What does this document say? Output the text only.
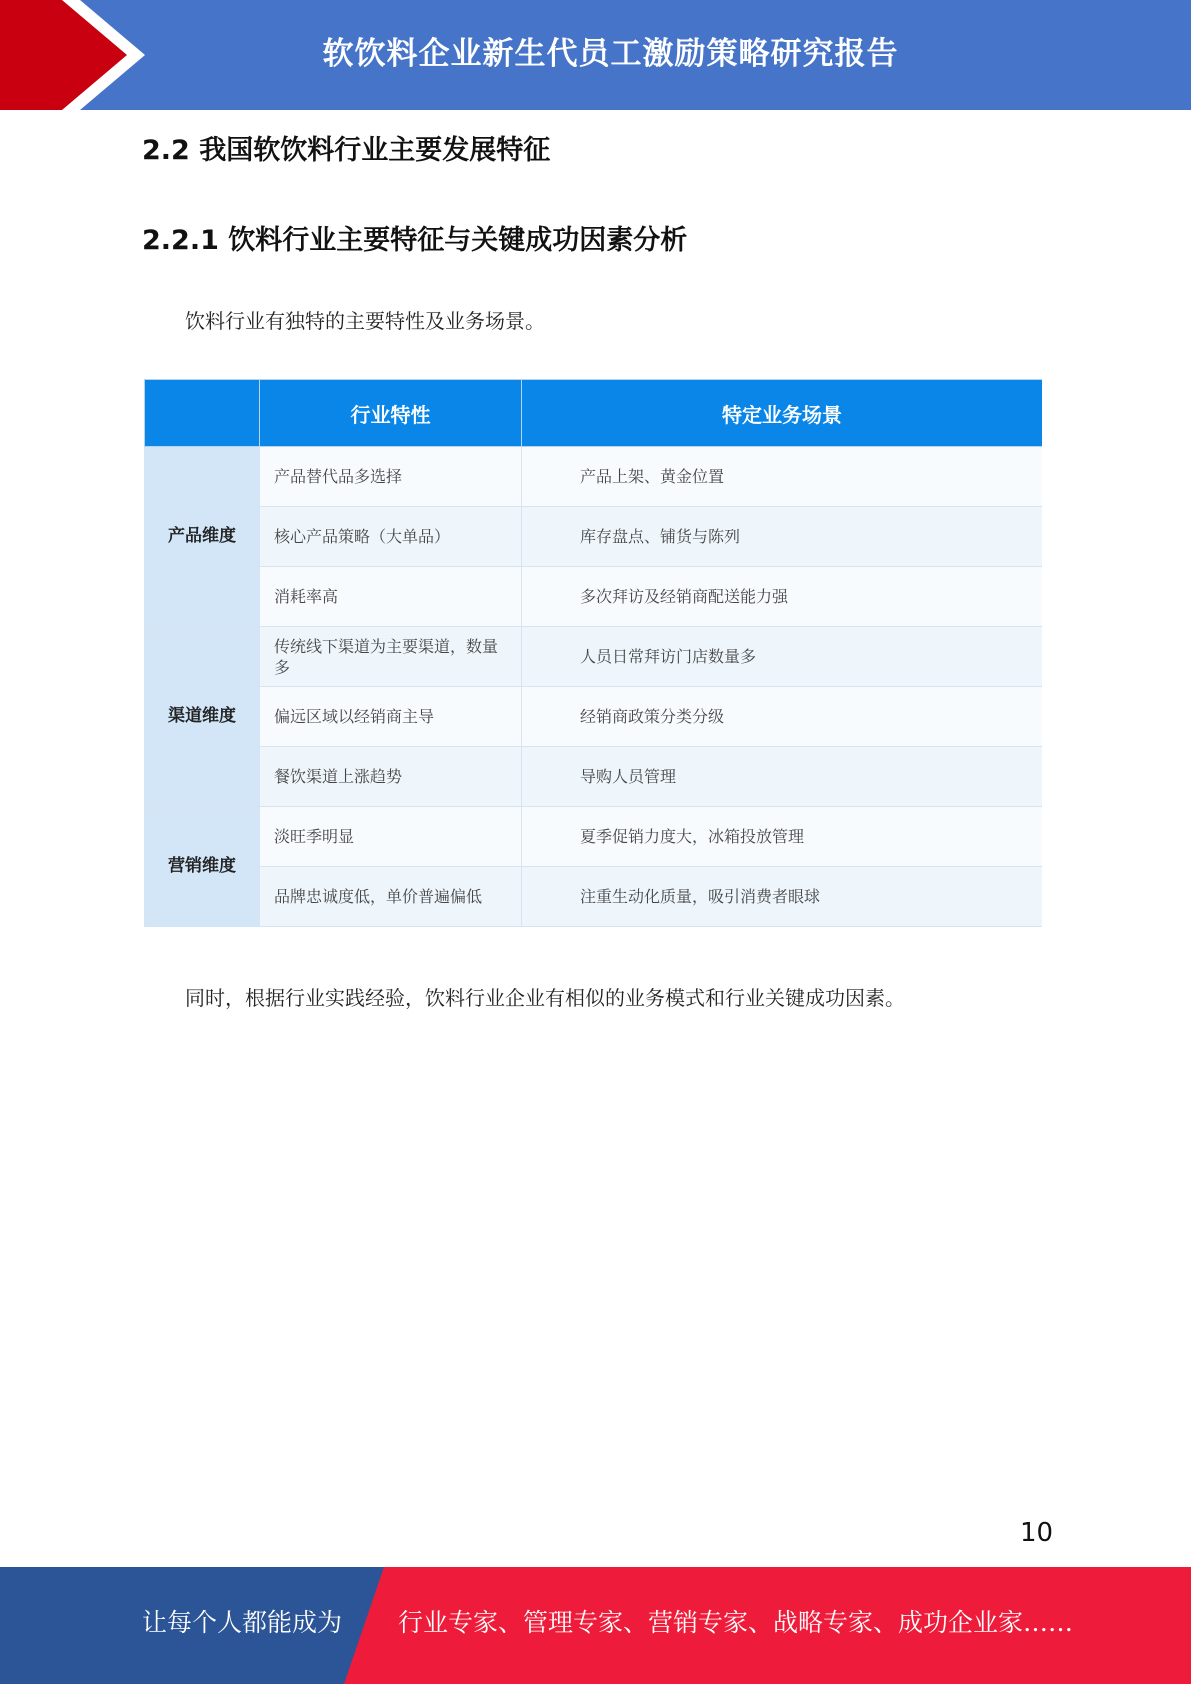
软饮料企业新生代员工激励策略研究报告
2.2 我国软饮料行业主要发展特征
2.2.1 饮料行业主要特征与关键成功因素分析
饮料行业有独特的主要特性及业务场景。
	行业特性	特定业务场景
产品维度	产品替代品多选择	产品上架、黄金位置
	核心产品策略（大单品）	库存盘点、铺货与陈列
	消耗率高	多次拜访及经销商配送能力强
渠道维度	传统线下渠道为主要渠道，数量多	人员日常拜访门店数量多
	偏远区域以经销商主导	经销商政策分类分级
	餐饮渠道上涨趋势	导购人员管理
营销维度	淡旺季明显	夏季促销力度大，冰箱投放管理
	品牌忠诚度低，单价普遍偏低	注重生动化质量，吸引消费者眼球
同时，根据行业实践经验，饮料行业企业有相似的业务模式和行业关键成功因素。
10
让每个人都能成为 行业专家、管理专家、营销专家、战略专家、成功企业家……
